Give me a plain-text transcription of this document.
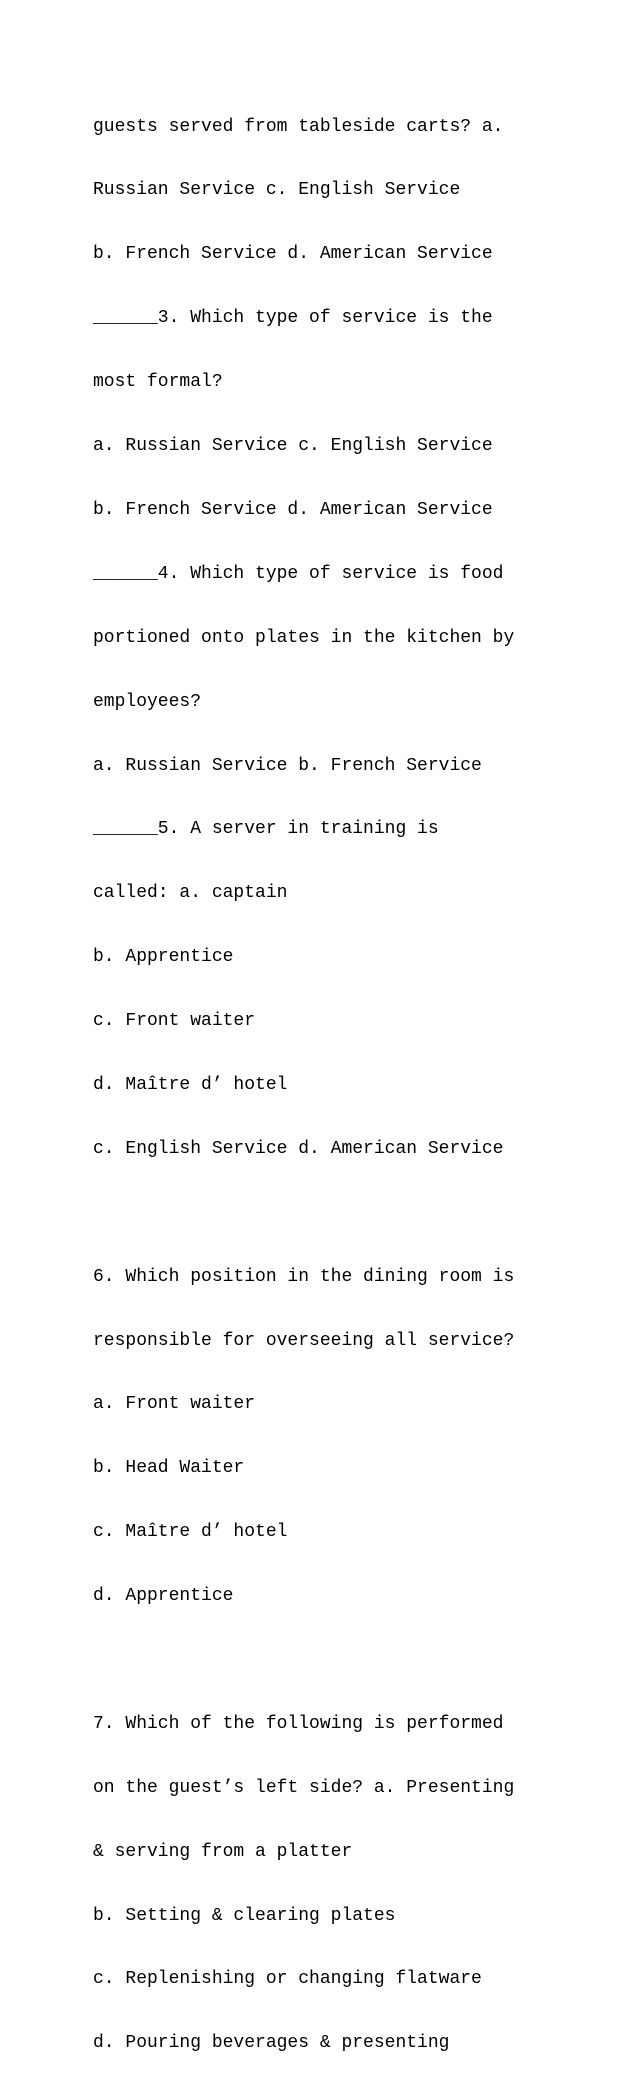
guests served from tableside carts? a.

Russian Service c. English Service

b. French Service d. American Service

______3. Which type of service is the

most formal?

a. Russian Service c. English Service

b. French Service d. American Service

______4. Which type of service is food

portioned onto plates in the kitchen by

employees?

a. Russian Service b. French Service

______5. A server in training is

called: a. captain

b. Apprentice

c. Front waiter

d. Maître d’ hotel

c. English Service d. American Service

6. Which position in the dining room is

responsible for overseeing all service?

a. Front waiter

b. Head Waiter

c. Maître d’ hotel

d. Apprentice

7. Which of the following is performed

on the guest’s left side? a. Presenting

& serving from a platter

b. Setting & clearing plates

c. Replenishing or changing flatware

d. Pouring beverages & presenting
